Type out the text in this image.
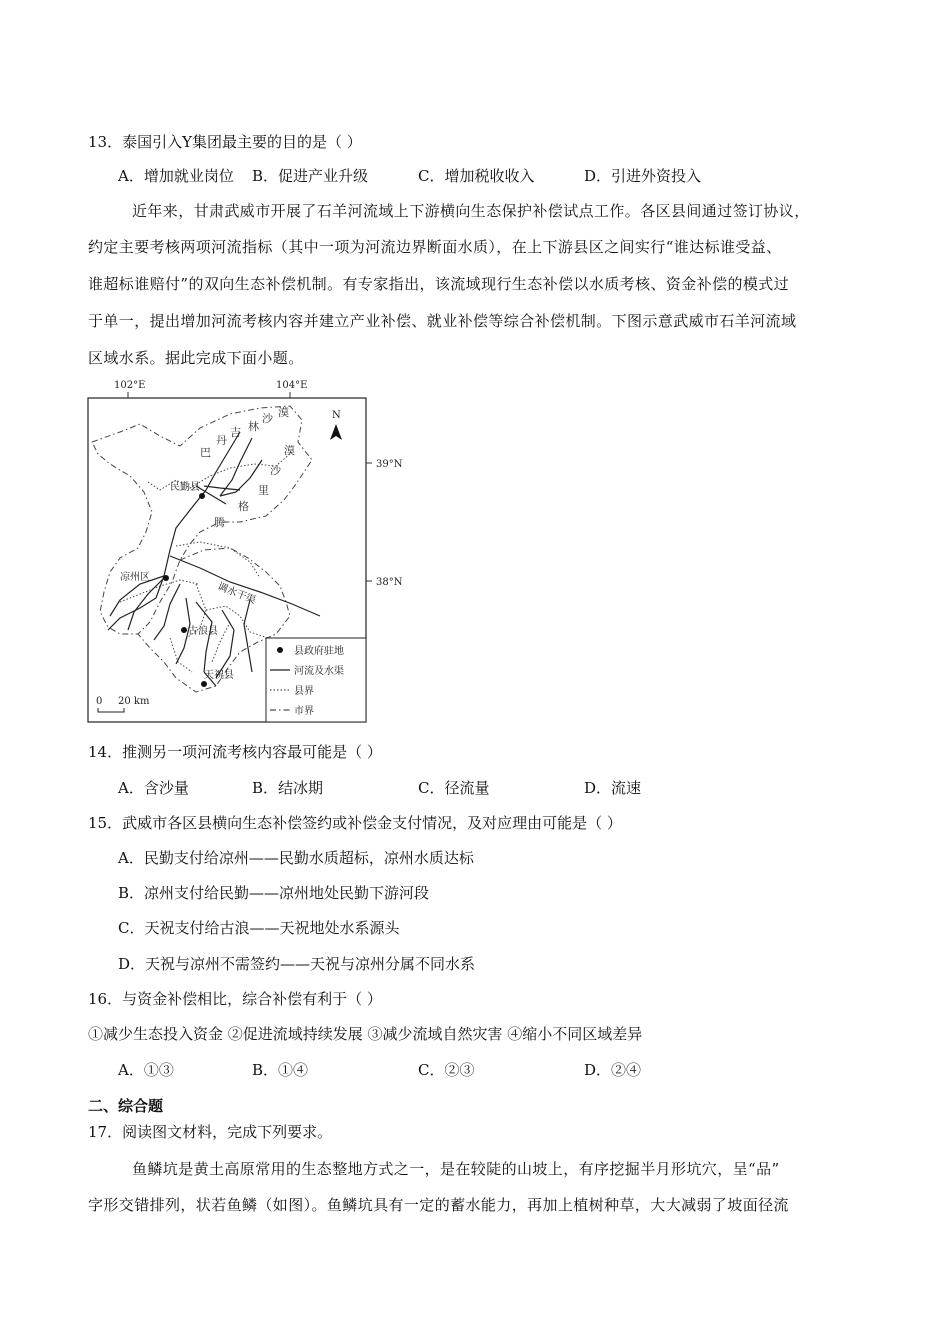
13．泰国引入Y集团最主要的目的是（ ）
A．增加就业岗位 B．促进产业升级	C．增加税收收入	D．引进外资投入
近年来，甘肃武威市开展了石羊河流域上下游横向生态保护补偿试点工作。各区县间通过签订协议，
约定主要考核两项河流指标（其中一项为河流边界断面水质），在上下游县区之间实行“谁达标谁受益、
谁超标谁赔付”的双向生态补偿机制。有专家指出，该流域现行生态补偿以水质考核、资金补偿的模式过
于单一，提出增加河流考核内容并建立产业补偿、就业补偿等综合补偿机制。下图示意武威市石羊河流域
区域水系。据此完成下面小题。
102°E	104°E
39°N
38°N
N
巴
丹
吉 林
沙 漠
腾
格
里
沙
漠
民勤县
凉州区
古浪县
天祝县
调水干渠
县政府驻地
河流及水渠
县界
市界
0 20 km
14．推测另一项河流考核内容最可能是（ ）
A．含沙量	B．结冰期	C．径流量	D．流速
15．武威市各区县横向生态补偿签约或补偿金支付情况，及对应理由可能是（ ）
A．民勤支付给凉州——民勤水质超标，凉州水质达标
B．凉州支付给民勤——凉州地处民勤下游河段
C．天祝支付给古浪——天祝地处水系源头
D．天祝与凉州不需签约——天祝与凉州分属不同水系
16．与资金补偿相比，综合补偿有利于（ ）
①减少生态投入资金 ②促进流域持续发展 ③减少流域自然灾害 ④缩小不同区域差异
A．①③	B．①④	C．②③	D．②④
二、综合题
17．阅读图文材料，完成下列要求。
鱼鳞坑是黄土高原常用的生态整地方式之一，是在较陡的山坡上，有序挖掘半月形坑穴，呈“品”
字形交错排列，状若鱼鳞（如图）。鱼鳞坑具有一定的蓄水能力，再加上植树种草，大大减弱了坡面径流
